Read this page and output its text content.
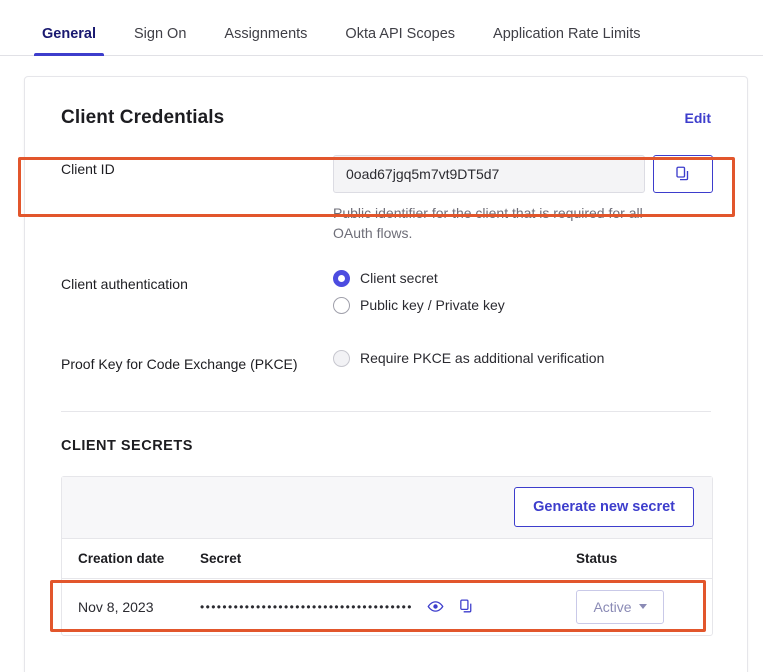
General	Sign On	Assignments	Okta API Scopes	Application Rate Limits
Client Credentials	Edit
Client ID	0oad67jgq5m7vt9DT5d7
Public identifier for the client that is required for all OAuth flows.
Client authentication	Client secret
Public key / Private key
Proof Key for Code Exchange (PKCE)	Require PKCE as additional verification
CLIENT SECRETS
Generate new secret
Creation date	Secret	Status
Nov 8, 2023	••••••••••••••••••••••••••••••••••••••	Active
